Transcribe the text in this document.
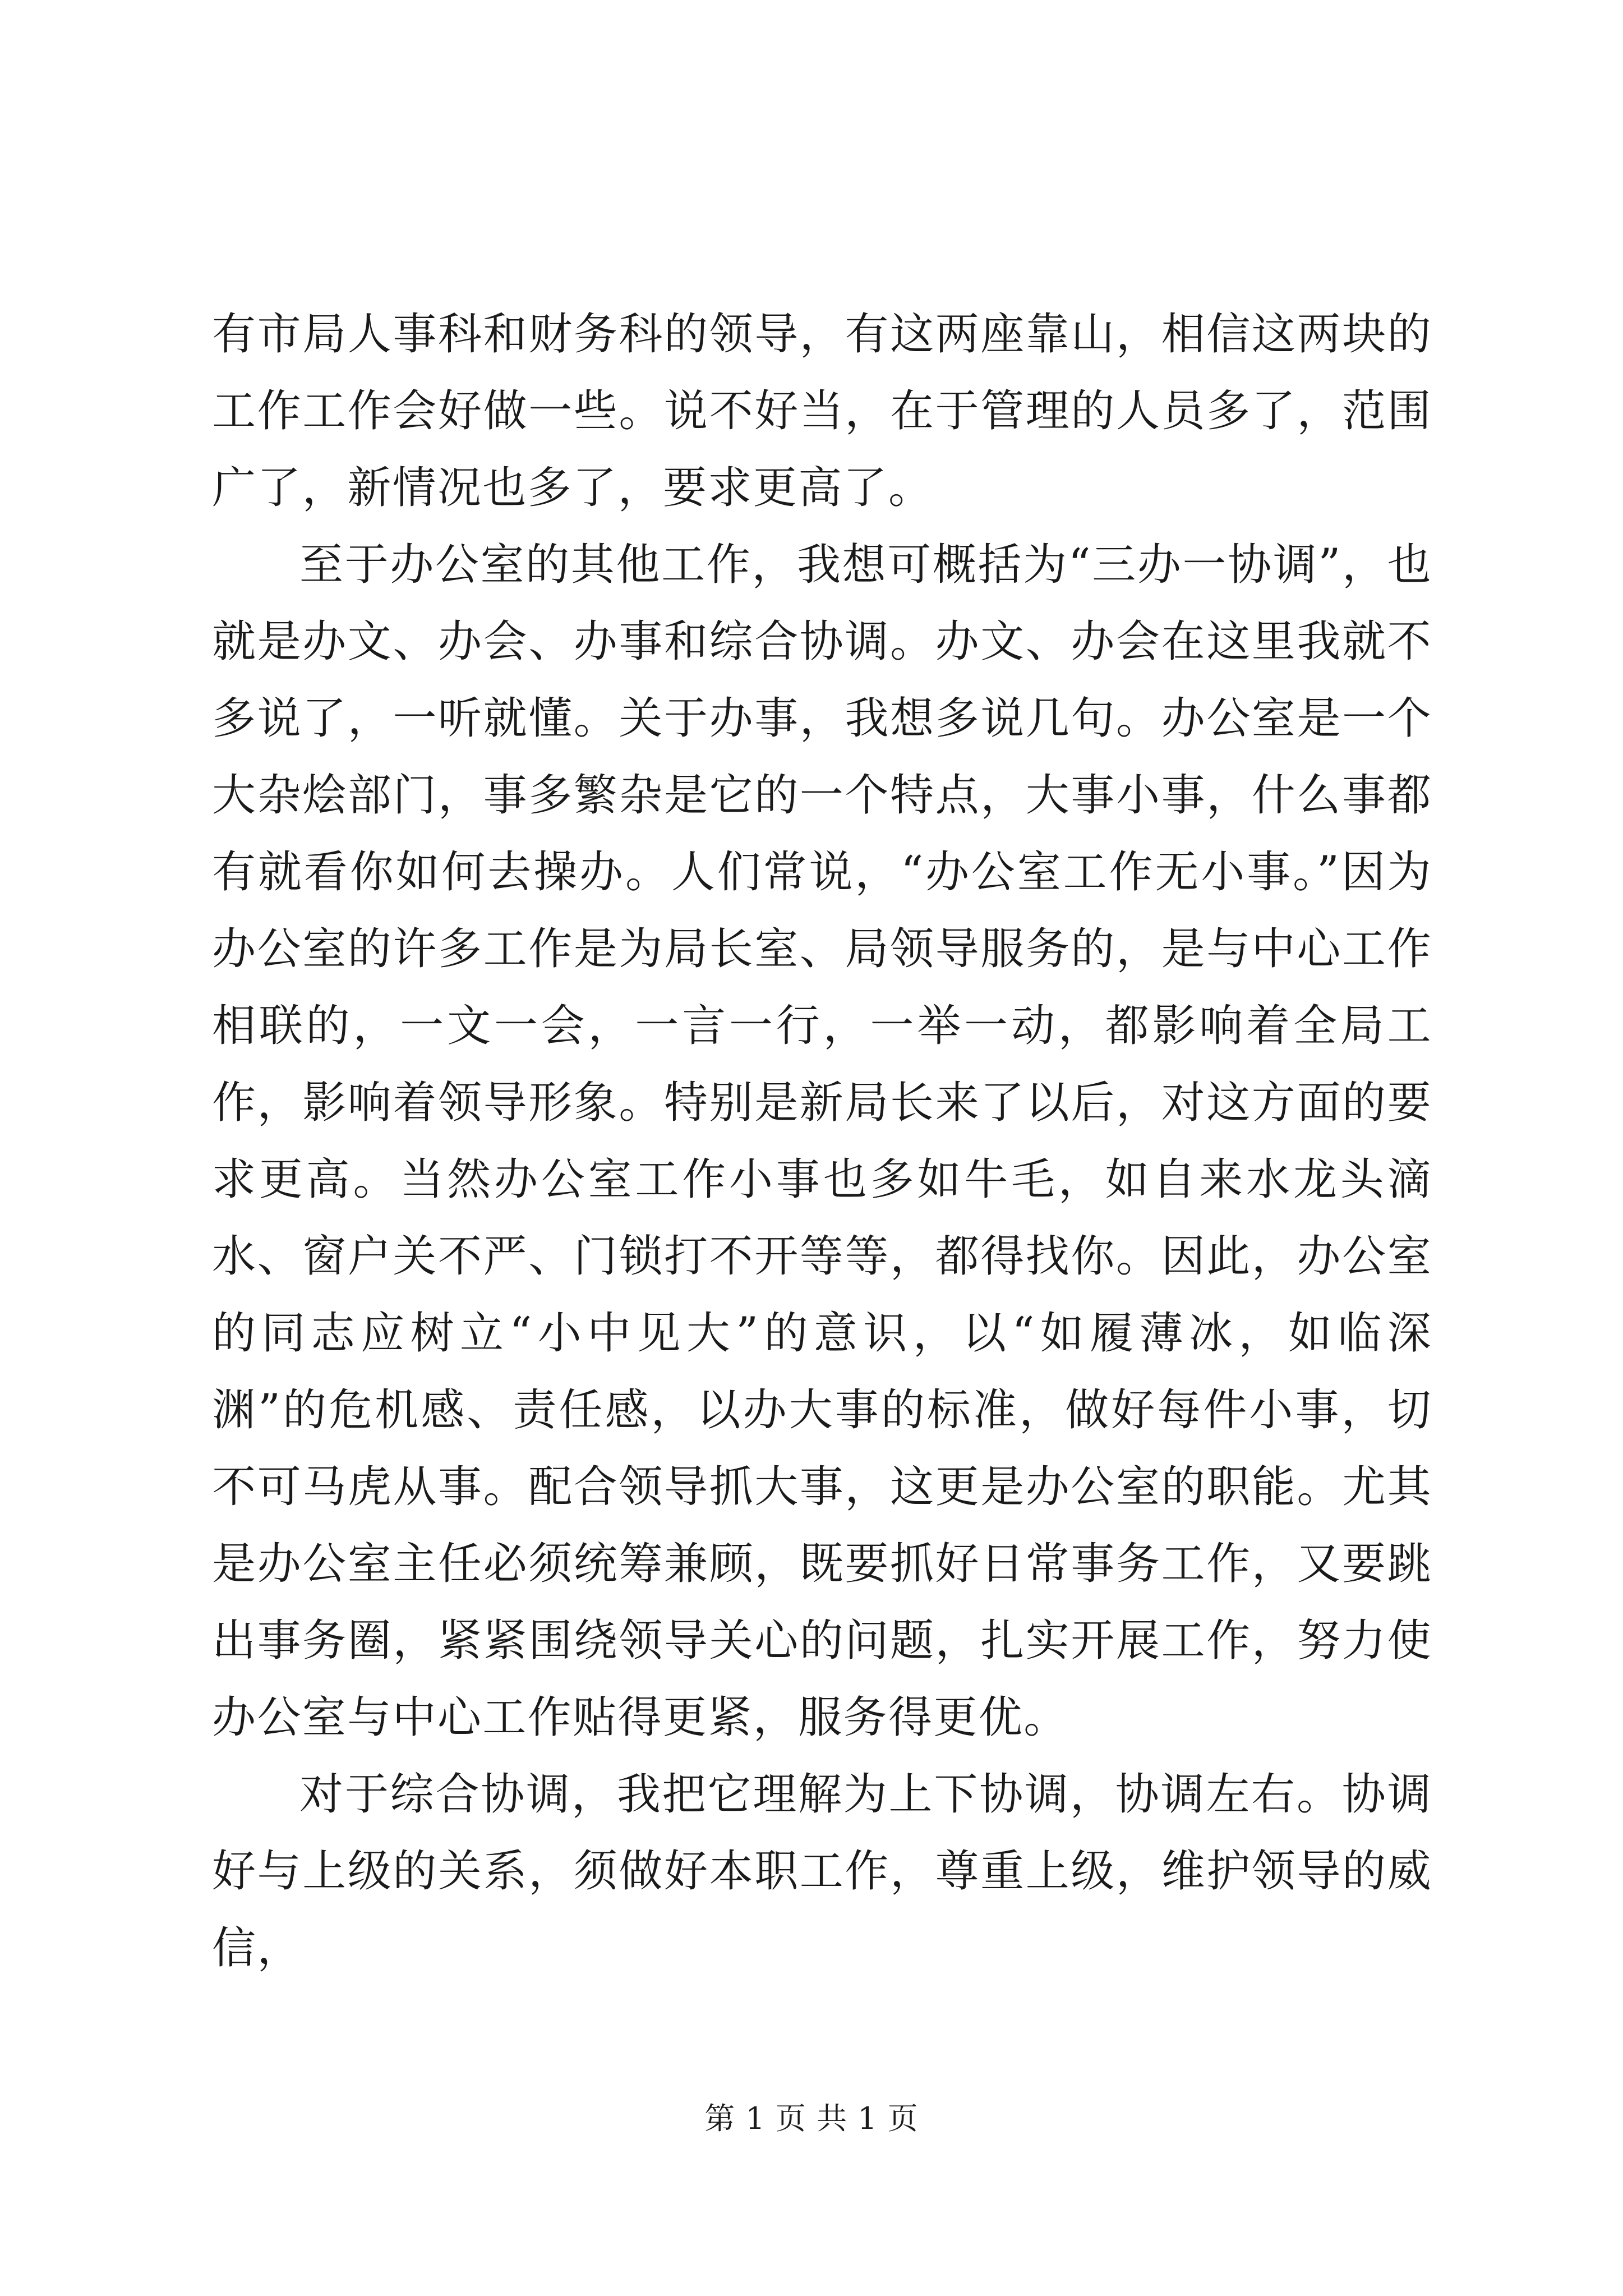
有市局人事科和财务科的领导，有这两座靠山，相信这两块的工作工作会好做一些。说不好当，在于管理的人员多了，范围广了，新情况也多了，要求更高了。

至于办公室的其他工作，我想可概括为“三办一协调”，也就是办文、办会、办事和综合协调。办文、办会在这里我就不多说了，一听就懂。关于办事，我想多说几句。办公室是一个大杂烩部门，事多繁杂是它的一个特点，大事小事，什么事都有就看你如何去操办。人们常说，“办公室工作无小事。”因为办公室的许多工作是为局长室、局领导服务的，是与中心工作相联的，一文一会，一言一行，一举一动，都影响着全局工作，影响着领导形象。特别是新局长来了以后，对这方面的要求更高。当然办公室工作小事也多如牛毛，如自来水龙头滴水、窗户关不严、门锁打不开等等，都得找你。因此，办公室的同志应树立“小中见大”的意识，以“如履薄冰，如临深渊”的危机感、责任感，以办大事的标准，做好每件小事，切不可马虎从事。配合领导抓大事，这更是办公室的职能。尤其是办公室主任必须统筹兼顾，既要抓好日常事务工作，又要跳出事务圈，紧紧围绕领导关心的问题，扎实开展工作，努力使办公室与中心工作贴得更紧，服务得更优。

对于综合协调，我把它理解为上下协调，协调左右。协调好与上级的关系，须做好本职工作，尊重上级，维护领导的威信，

第 1 页 共 1 页
